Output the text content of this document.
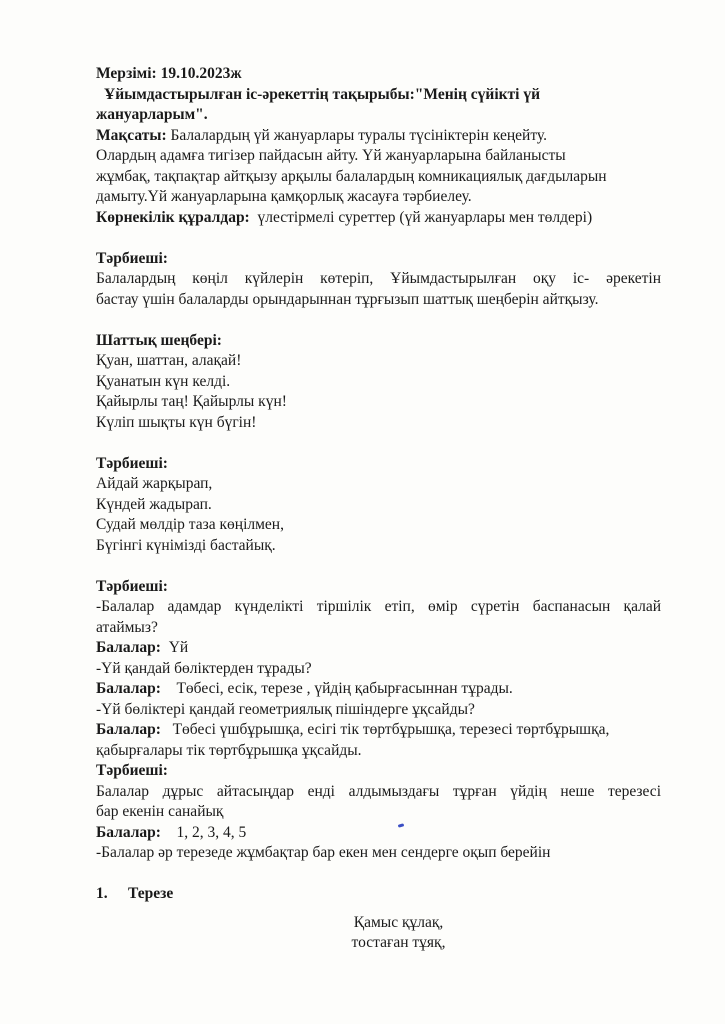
Мерзімі: 19.10.2023ж
Ұйымдастырылған іс-әрекеттің тақырыбы:"Менің сүйікті үй
жануарларым".
Мақсаты: Балалардың үй жануарлары туралы түсініктерін кеңейту.
Олардың адамға тигізер пайдасын айту. Үй жануарларына байланысты
жұмбақ, тақпақтар айтқызу арқылы балалардың комникациялық дағдыларын
дамыту.Үй жануарларына қамқорлық жасауға тәрбиелеу.
Көрнекілік құралдар: үлестірмелі суреттер (үй жануарлары мен төлдері)
Тәрбиеші:
Балалардың көңіл күйлерін көтеріп, Ұйымдастырылған оқу іс- әрекетін
бастау үшін балаларды орындарыннан тұрғызып шаттық шеңберін айтқызу.
Шаттық шеңбері:
Қуан, шаттан, алақай!
Қуанатын күн келді.
Қайырлы таң! Қайырлы күн!
Күліп шықты күн бүгін!
Тәрбиеші:
Айдай жарқырап,
Күндей жадырап.
Судай мөлдір таза көңілмен,
Бүгінгі күнімізді бастайық.
Тәрбиеші:
-Балалар адамдар күнделікті тіршілік етіп, өмір сүретін баспанасын қалай
атаймыз?
Балалар: Үй
-Үй қандай бөліктерден тұрады?
Балалар: Төбесі, есік, терезе , үйдің қабырғасыннан тұрады.
-Үй бөліктері қандай геометриялық пішіндерге ұқсайды?
Балалар: Төбесі үшбұрышқа, есігі тік төртбұрышқа, терезесі төртбұрышқа,
қабырғалары тік төртбұрышқа ұқсайды.
Тәрбиеші:
Балалар дұрыс айтасыңдар енді алдымыздағы тұрған үйдің неше терезесі
бар екенін санайық
Балалар: 1, 2, 3, 4, 5
-Балалар әр терезеде жұмбақтар бар екен мен сендерге оқып берейін
1.	Терезе
Қамыс құлақ,
тостаған тұяқ,
